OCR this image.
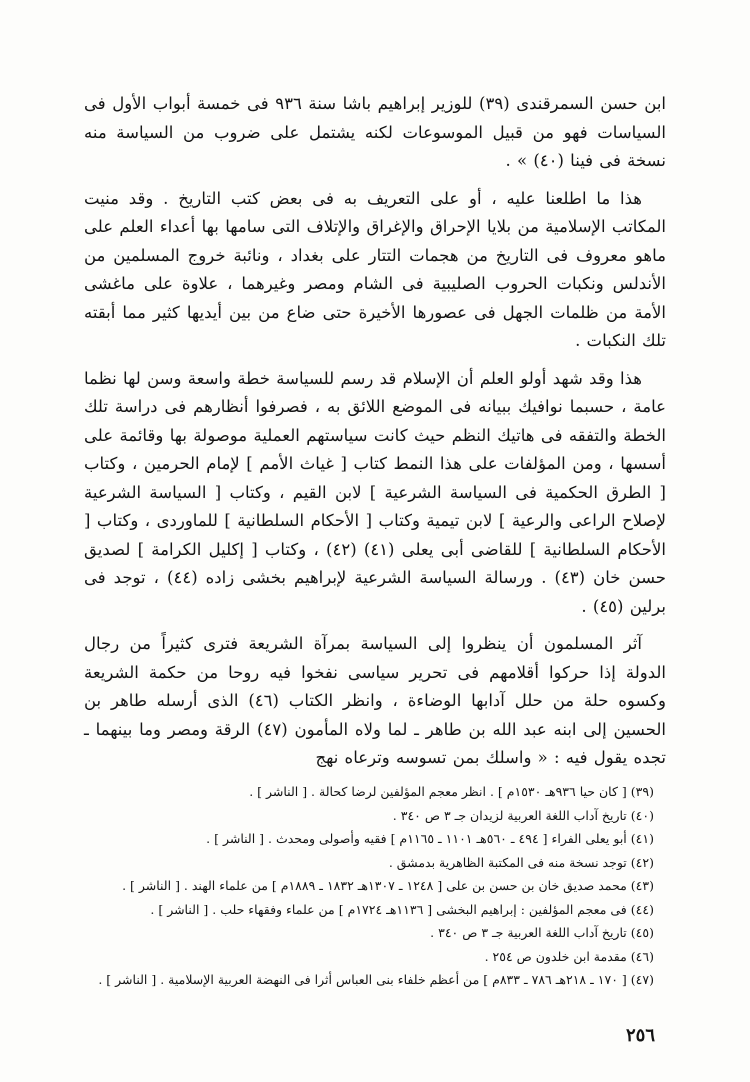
ابن حسن السمرقندى (٣٩) للوزير إبراهيم باشا سنة ٩٣٦ فى خمسة أبواب الأول فى السياسات فهو من قبيل الموسوعات لكنه يشتمل على ضروب من السياسة منه نسخة فى فينا (٤٠) » .

هذا ما اطلعنا عليه ، أو على التعريف به فى بعض كتب التاريخ . وقد منيت المكاتب الإسلامية من بلايا الإحراق والإغراق والإتلاف التى سامها بها أعداء العلم على ماهو معروف فى التاريخ من هجمات التتار على بغداد ، ونائبة خروج المسلمين من الأندلس ونكبات الحروب الصليبية فى الشام ومصر وغيرهما ، علاوة على ماغشى الأمة من ظلمات الجهل فى عصورها الأخيرة حتى ضاع من بين أيديها كثير مما أبقته تلك النكبات .

هذا وقد شهد أولو العلم أن الإسلام قد رسم للسياسة خطة واسعة وسن لها نظما عامة ، حسبما نوافيك ببيانه فى الموضع اللائق به ، فصرفوا أنظارهم فى دراسة تلك الخطة والتفقه فى هاتيك النظم حيث كانت سياستهم العملية موصولة بها وقائمة على أسسها ، ومن المؤلفات على هذا النمط كتاب [ غياث الأمم ] لإمام الحرمين ، وكتاب [ الطرق الحكمية فى السياسة الشرعية ] لابن القيم ، وكتاب [ السياسة الشرعية لإصلاح الراعى والرعية ] لابن تيمية وكتاب [ الأحكام السلطانية ] للماوردى ، وكتاب [ الأحكام السلطانية ] للقاضى أبى يعلى (٤١) (٤٢) ، وكتاب [ إكليل الكرامة ] لصديق حسن خان (٤٣) . ورسالة السياسة الشرعية لإبراهيم بخشى زاده (٤٤) ، توجد فى برلين (٤٥) .

آثر المسلمون أن ينظروا إلى السياسة بمرآة الشريعة فترى كثيراً من رجال الدولة إذا حركوا أقلامهم فى تحرير سياسى نفخوا فيه روحا من حكمة الشريعة وكسوه حلة من حلل آدابها الوضاءة ، وانظر الكتاب (٤٦) الذى أرسله طاهر بن الحسين إلى ابنه عبد الله بن طاهر ـ لما ولاه المأمون (٤٧) الرقة ومصر وما بينهما ـ تجده يقول فيه : « واسلك بمن تسوسه وترعاه نهج

(٣٩)[ كان حيا ٩٣٦هـ ١٥٣٠م ] . انظر معجم المؤلفين لرضا كحالة . [ الناشر ] .

(٤٠)تاريخ آداب اللغة العربية لزيدان جـ ٣ ص ٣٤٠ .

(٤١)أبو يعلى الفراء [ ٤٩٤ ـ ٥٦٠هـ ١١٠١ ـ ١١٦٥م ] فقيه وأصولى ومحدث . [ الناشر ] .

(٤٢)توجد نسخة منه فى المكتبة الظاهرية بدمشق .

(٤٣)محمد صديق خان بن حسن بن على [ ١٢٤٨ ـ ١٣٠٧هـ ١٨٣٢ ـ ١٨٨٩م ] من علماء الهند . [ الناشر ] .

(٤٤)فى معجم المؤلفين : إبراهيم البخشى [ ١١٣٦هـ ١٧٢٤م ] من علماء وفقهاء حلب . [ الناشر ] .

(٤٥)تاريخ آداب اللغة العربية جـ ٣ ص ٣٤٠ .

(٤٦)مقدمة ابن خلدون ص ٢٥٤ .

(٤٧)[ ١٧٠ ـ ٢١٨هـ ٧٨٦ ـ ٨٣٣م ] من أعظم خلفاء بنى العباس أثرا فى النهضة العربية الإسلامية . [ الناشر ] .

٢٥٦
